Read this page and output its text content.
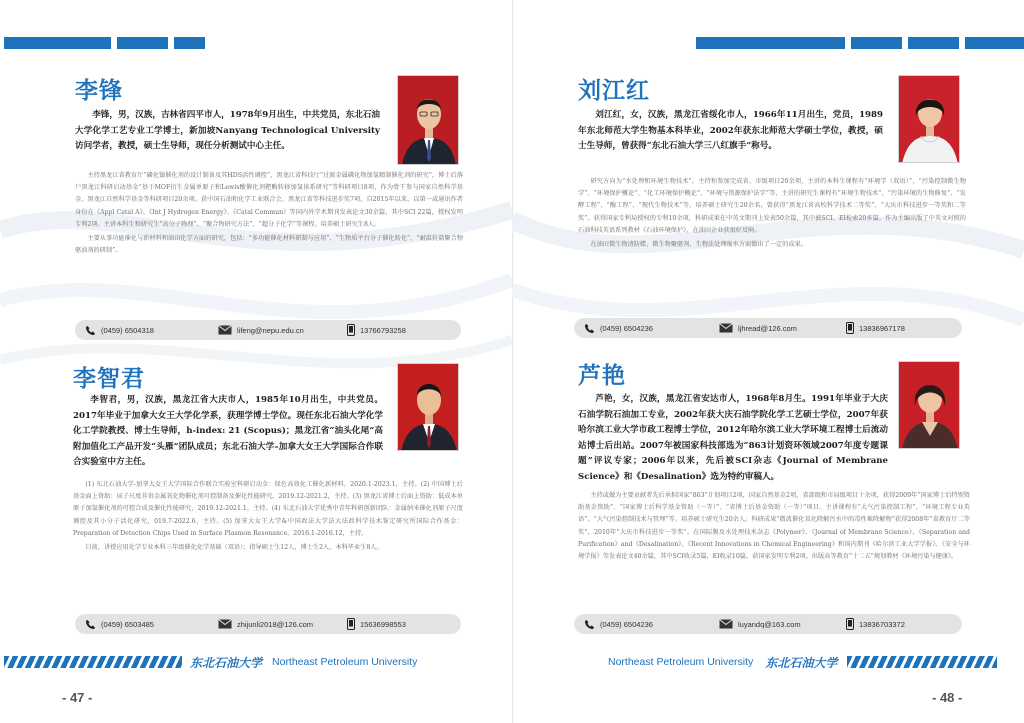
李锋
李锋，男，汉族，吉林省四平市人，1978年9月出生，中共党员，东北石油大学化学工艺专业工学博士，新加坡Nanyang Technological University访问学者，教授，硕士生导师，现任分析测试中心主任。

主持黑龙江省教育厅“磷化镍催化剂的设计制备及其HDS活性调控”，黑龙江省科技厅“过渡金属磷化物加氢精制催化剂的研究”，博士后落户黑龙江科研启动基金“基于MOF衍生金属单原子和Lewis酸催化剂靶酶转移加氢体系研究”等科研项目8项，作为骨干参与国家自然科学基金、黑龙江自然科学基金等科研项目20余项。获中国石油和化学工业联合会、黑龙江省等科技进步奖7项。自2015年以来，以第一或通讯作者身份在《Appl Catal A》、《Int J Hydrogen Energy》、《Catal Commun》等国内外学术期刊发表论文30余篇，其中SCI 22篇，授权发明专利2项。主讲本科生和研究生“高分子物理”、“聚合物研究方法”、“超分子化学”等课程。培养硕士研究生8人。

主要从事功能催化与新材料和油田化学方面的研究，包括：“多功能催化材料研制与应用”、“生物质平台分子催化转化”、“耐温抗盐聚合物驱油剂的研制”。

(0459) 6504318	lifeng@nepu.edu.cn	13766793258
李智君
李智君，男，汉族，黑龙江省大庆市人，1985年10月出生，中共党员。2017年毕业于加拿大女王大学化学系，获理学博士学位。现任东北石油大学化学化工学院教授、博士生导师，h-index: 21 (Scopus)；黑龙江省“油头化尾”高附加值化工产品开发“头雁”团队成员；东北石油大学–加拿大女王大学国际合作联合实验室中方主任。

(1) 东北石油大学-加拿大女王大学国际合作联合实验室科研启动金：绿色高效化工催化新材料，2020.1-2023.1，主持。(2) 中国博士后基金面上资助：尿子尺度非贵金属氧化物催化剂可控制备及催化性能研究，2019.12-2021.2，主持。(3) 黑龙江省博士后面上资助：低成本单原子加氢催化剂的可控合成及催化性能研究，2019.12-2021.1，主持。(4) 东北石油大学优秀中青年科研创新团队：金属纳米催化剂原子尺度调控及其小分子活化研究，019.7-2022.6，主持。(5) 加拿大女王大学&中国政法大学法大法政科学技术鉴定研究所国际合作基金：Preparation of Detection Chips Used in Surface Plasmon Resonance，2016.1-2016.12，主持。

目前，讲授应用化学专业本科三年级催化化学基础（双语）；指导硕士生12人，博士生2人，本科毕业生8人。

(0459) 6503485	zhijunli2018@126.com	15636998553
东北石油大学 Northeast Petroleum University
- 47 -
刘江红
刘江红，女，汉族，黑龙江省绥化市人，1966年11月出生，党员，1989年东北师范大学生物基本科毕业，2002年获东北师范大学硕士学位，教授，硕士生导师，曾获得“东北石油大学三八红旗手”称号。

研究方向为“水处理和环境生物技术”，主持和参加完成省、市级项目20余项，主讲的本科生课程有“环境学（双语）”、“污染控制微生物学”、“环境保护概论”、“化工环境保护概论”、“环境与资源保护法学”等，主讲的研究生课程有“环境生物技术”、“污染环境的生物修复”、“发酵工程”、“酶工程”、“现代生物技术”等，培养硕士研究生20余名。曾获得“黑龙江省高校科学技术二等奖”、“大庆市科技进步一等奖和二等奖”。获得国家专利局授权的专利10余项，科研成果在中英文期刊上发表50余篇，其中被SCI、EI检索20多篇。作为主编出版了中英文对照的石油科技英语系列教材《石油环境保护》，在油田企业获很好反响。

在油田微生物清防蜡，微生物聚驱剂，生物法处理废水方面做出了一定的成果。

(0459) 6504236	ljhread@126.com	13836967178
芦艳
芦艳，女，汉族，黑龙江省安达市人，1968年8月生。1991年毕业于大庆石油学院石油加工专业，2002年获大庆石油学院化学工艺硕士学位，2007年获哈尔滨工业大学市政工程博士学位，2012年哈尔滨工业大学环境工程博士后流动站博士后出站。2007年被国家科技部选为“863计划资环领域2007年度专题课题”评议专家；2006年以来，先后被SCI杂志《Journal of Membrane Science》和《Desalination》选为特约审稿人。

主持或做为主要贡献者先后承担国家“863”计划项目2项，国家自然基金2项，省部级和市局级项目十余项，获得2009年“国家博士后特别资助基金资助”、“国家博士后科学基金资助（一等）”、“省博士后基金资助（一等）”项目。主讲课程有“大气污染控制工程”、“环境工程专业英语”、“大气污染控制技术与管理”等。培养硕士研究生20余人。科研成果“微波催化氧化降解污水中的毒性难降解物”获得2008年“省教育厅二等奖”，2010年“大庆市科技进步一等奖”。在国际膜及水处理技术杂志《Polymer》、《Journal of Membrane Science》、《Separation and Purification》and《Desalination》、《Recent Innovations in Chemical Engineering》和国内期刊《哈尔滨工业大学学报》、《安全与环境学报》等发表论文40余篇，其中SCI收录5篇，EI收录10篇。获国家发明专利2项。出版高等教育“十二五”规划教材《环境污染与健康》。

(0459) 6504236	luyandq@163.com	13836703372
Northeast Petroleum University 东北石油大学
- 48 -
